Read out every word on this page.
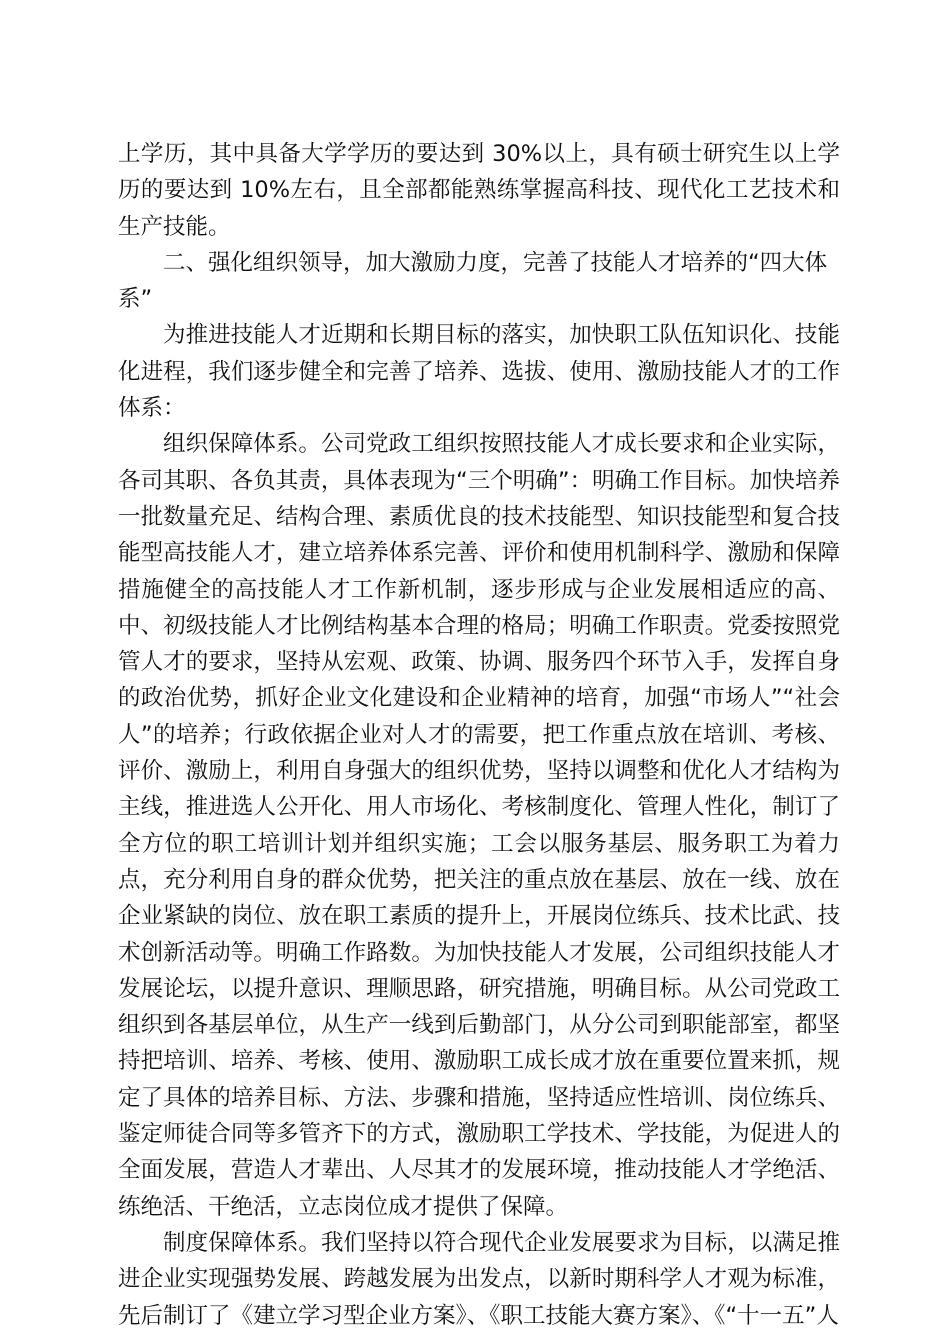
上学历，其中具备大学学历的要达到 30%以上，具有硕士研究生以上学历的要达到 10%左右，且全部都能熟练掌握高科技、现代化工艺技术和生产技能。

二、强化组织领导，加大激励力度，完善了技能人才培养的“四大体系”

为推进技能人才近期和长期目标的落实，加快职工队伍知识化、技能化进程，我们逐步健全和完善了培养、选拔、使用、激励技能人才的工作体系：

组织保障体系。公司党政工组织按照技能人才成长要求和企业实际，各司其职、各负其责，具体表现为“三个明确”：明确工作目标。加快培养一批数量充足、结构合理、素质优良的技术技能型、知识技能型和复合技能型高技能人才，建立培养体系完善、评价和使用机制科学、激励和保障措施健全的高技能人才工作新机制，逐步形成与企业发展相适应的高、中、初级技能人才比例结构基本合理的格局；明确工作职责。党委按照党管人才的要求，坚持从宏观、政策、协调、服务四个环节入手，发挥自身的政治优势，抓好企业文化建设和企业精神的培育，加强“市场人”“社会人”的培养；行政依据企业对人才的需要，把工作重点放在培训、考核、评价、激励上，利用自身强大的组织优势，坚持以调整和优化人才结构为主线，推进选人公开化、用人市场化、考核制度化、管理人性化，制订了全方位的职工培训计划并组织实施；工会以服务基层、服务职工为着力点，充分利用自身的群众优势，把关注的重点放在基层、放在一线、放在企业紧缺的岗位、放在职工素质的提升上，开展岗位练兵、技术比武、技术创新活动等。明确工作路数。为加快技能人才发展，公司组织技能人才发展论坛，以提升意识、理顺思路，研究措施，明确目标。从公司党政工组织到各基层单位，从生产一线到后勤部门，从分公司到职能部室，都坚持把培训、培养、考核、使用、激励职工成长成才放在重要位置来抓，规定了具体的培养目标、方法、步骤和措施，坚持适应性培训、岗位练兵、鉴定师徒合同等多管齐下的方式，激励职工学技术、学技能，为促进人的全面发展，营造人才辈出、人尽其才的发展环境，推动技能人才学绝活、练绝活、干绝活，立志岗位成才提供了保障。

制度保障体系。我们坚持以符合现代企业发展要求为目标，以满足推进企业实现强势发展、跨越发展为出发点，以新时期科学人才观为标准，先后制订了《建立学习型企业方案》、《职工技能大赛方案》、《“十一五”人
